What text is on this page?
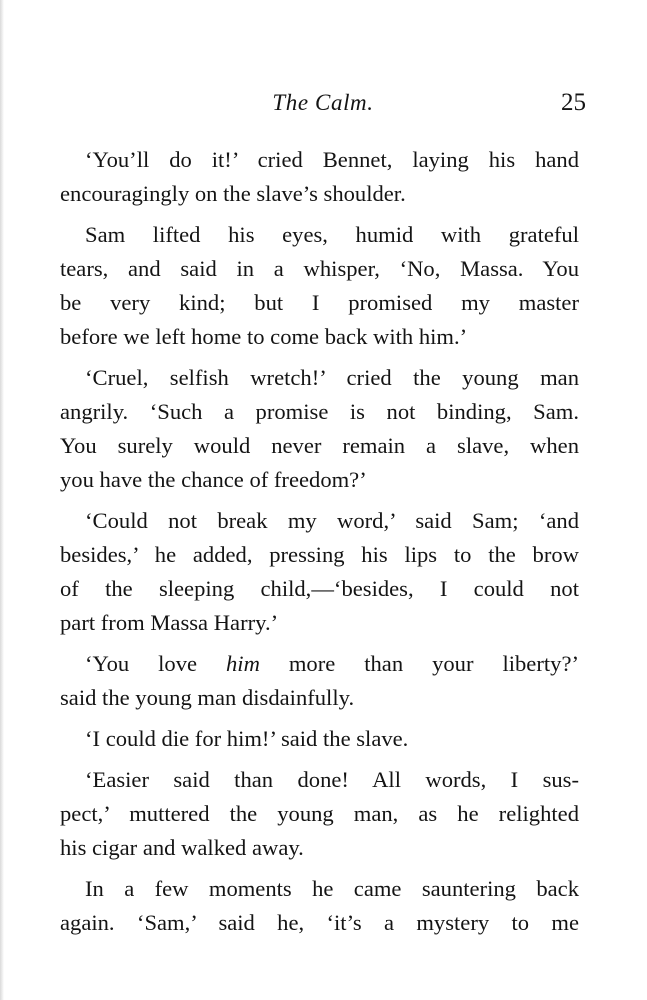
The Calm.	25
‘You’ll do it!’ cried Bennet, laying his hand
encouragingly on the slave’s shoulder.
Sam lifted his eyes, humid with grateful
tears, and said in a whisper, ‘No, Massa. You
be very kind; but I promised my master
before we left home to come back with him.’
‘Cruel, selfish wretch!’ cried the young man
angrily. ‘Such a promise is not binding, Sam.
You surely would never remain a slave, when
you have the chance of freedom?’
‘Could not break my word,’ said Sam; ‘and
besides,’ he added, pressing his lips to the brow
of the sleeping child,—‘besides, I could not
part from Massa Harry.’
‘You love him more than your liberty?’
said the young man disdainfully.
‘I could die for him!’ said the slave.
‘Easier said than done! All words, I sus-
pect,’ muttered the young man, as he relighted
his cigar and walked away.
In a few moments he came sauntering back
again. ‘Sam,’ said he, ‘it’s a mystery to me
